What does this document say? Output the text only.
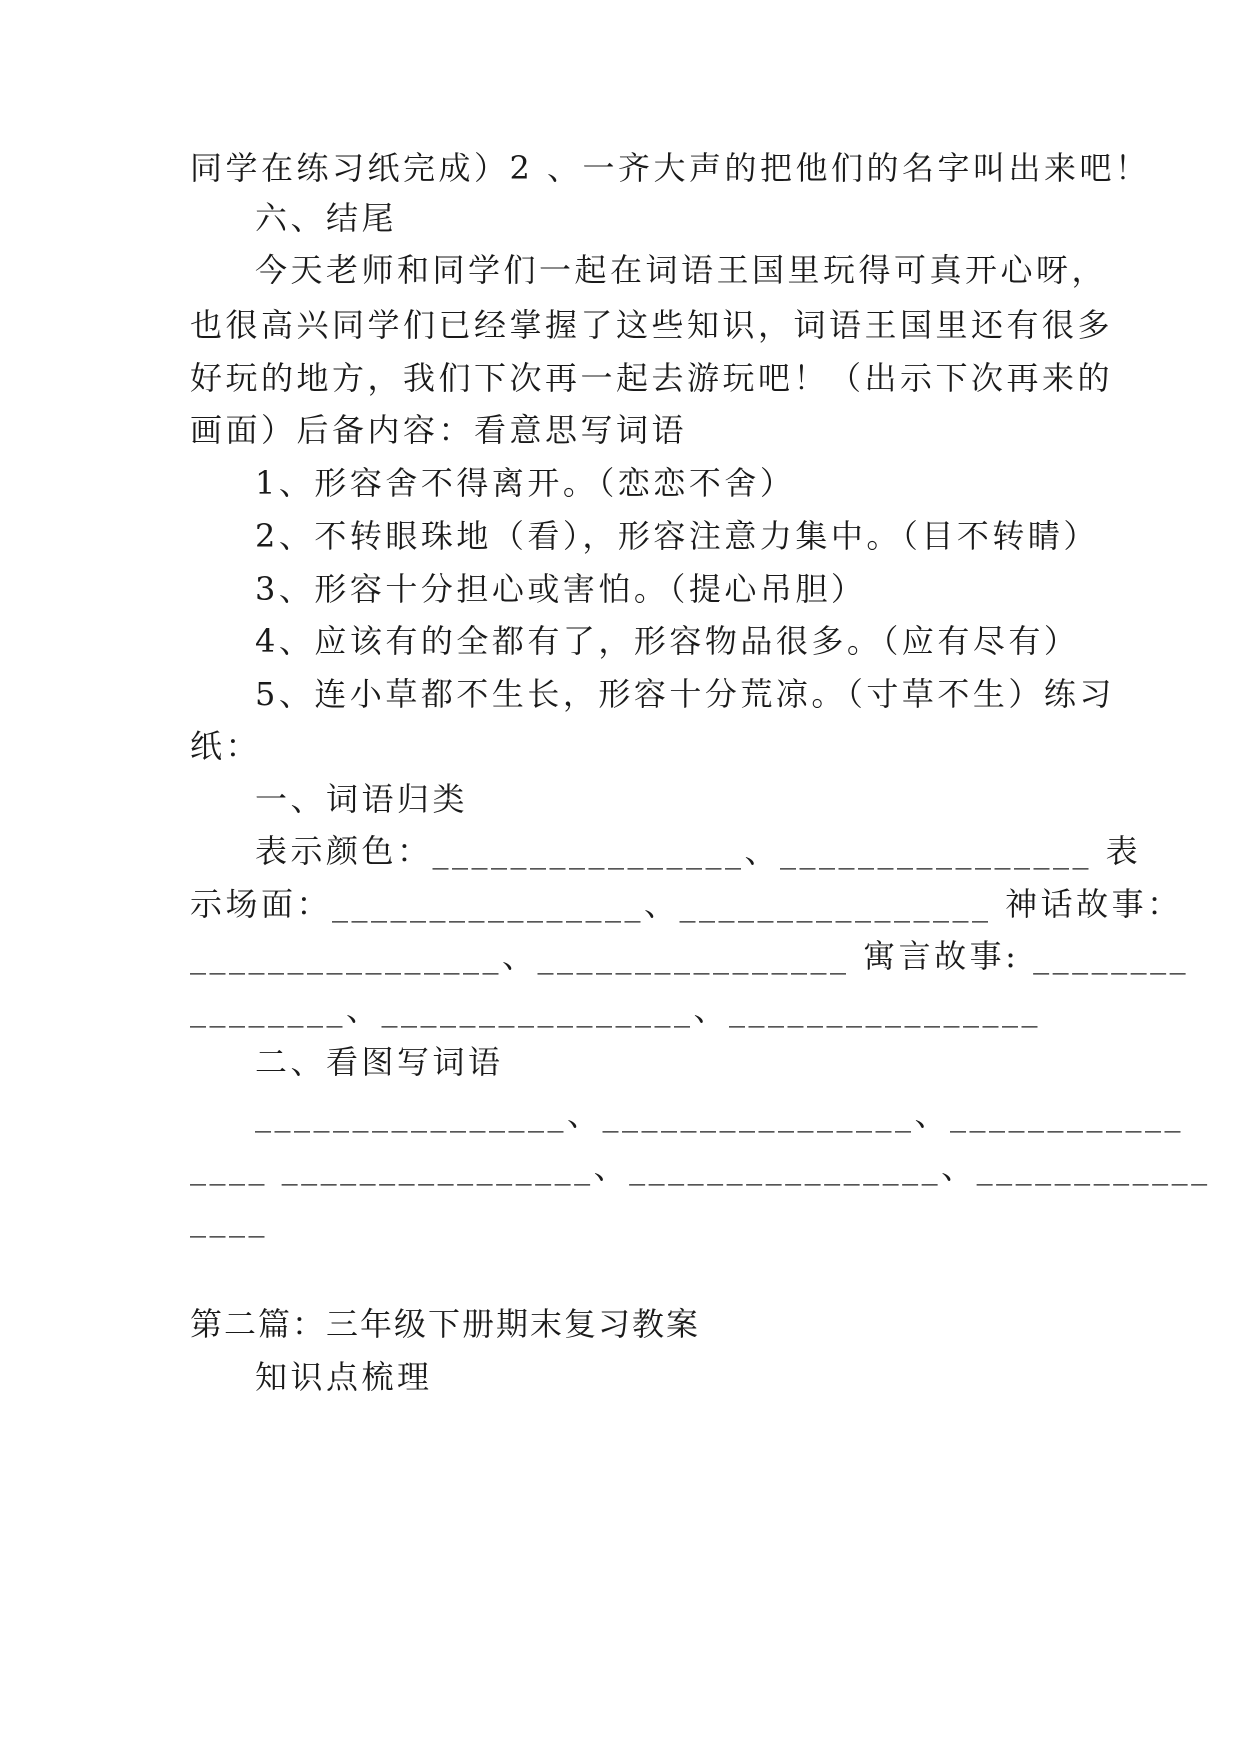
同学在练习纸完成）2 、一齐大声的把他们的名字叫出来吧！
六、结尾
今天老师和同学们一起在词语王国里玩得可真开心呀，
也很高兴同学们已经掌握了这些知识，词语王国里还有很多
好玩的地方，我们下次再一起去游玩吧！（出示下次再来的
画面）后备内容：看意思写词语
1、形容舍不得离开。（恋恋不舍）
2、不转眼珠地（看），形容注意力集中。（目不转睛）
3、形容十分担心或害怕。（提心吊胆）
4、应该有的全都有了，形容物品很多。（应有尽有）
5、连小草都不生长，形容十分荒凉。（寸草不生）练习
纸：
一、词语归类
表示颜色：________________、________________ 表
示场面：________________、________________ 神话故事：
________________、________________ 寓言故事: ________
________、________________、________________
二、看图写词语
________________、________________、____________
____ ________________、________________、____________
____
第二篇：三年级下册期末复习教案
知识点梳理
